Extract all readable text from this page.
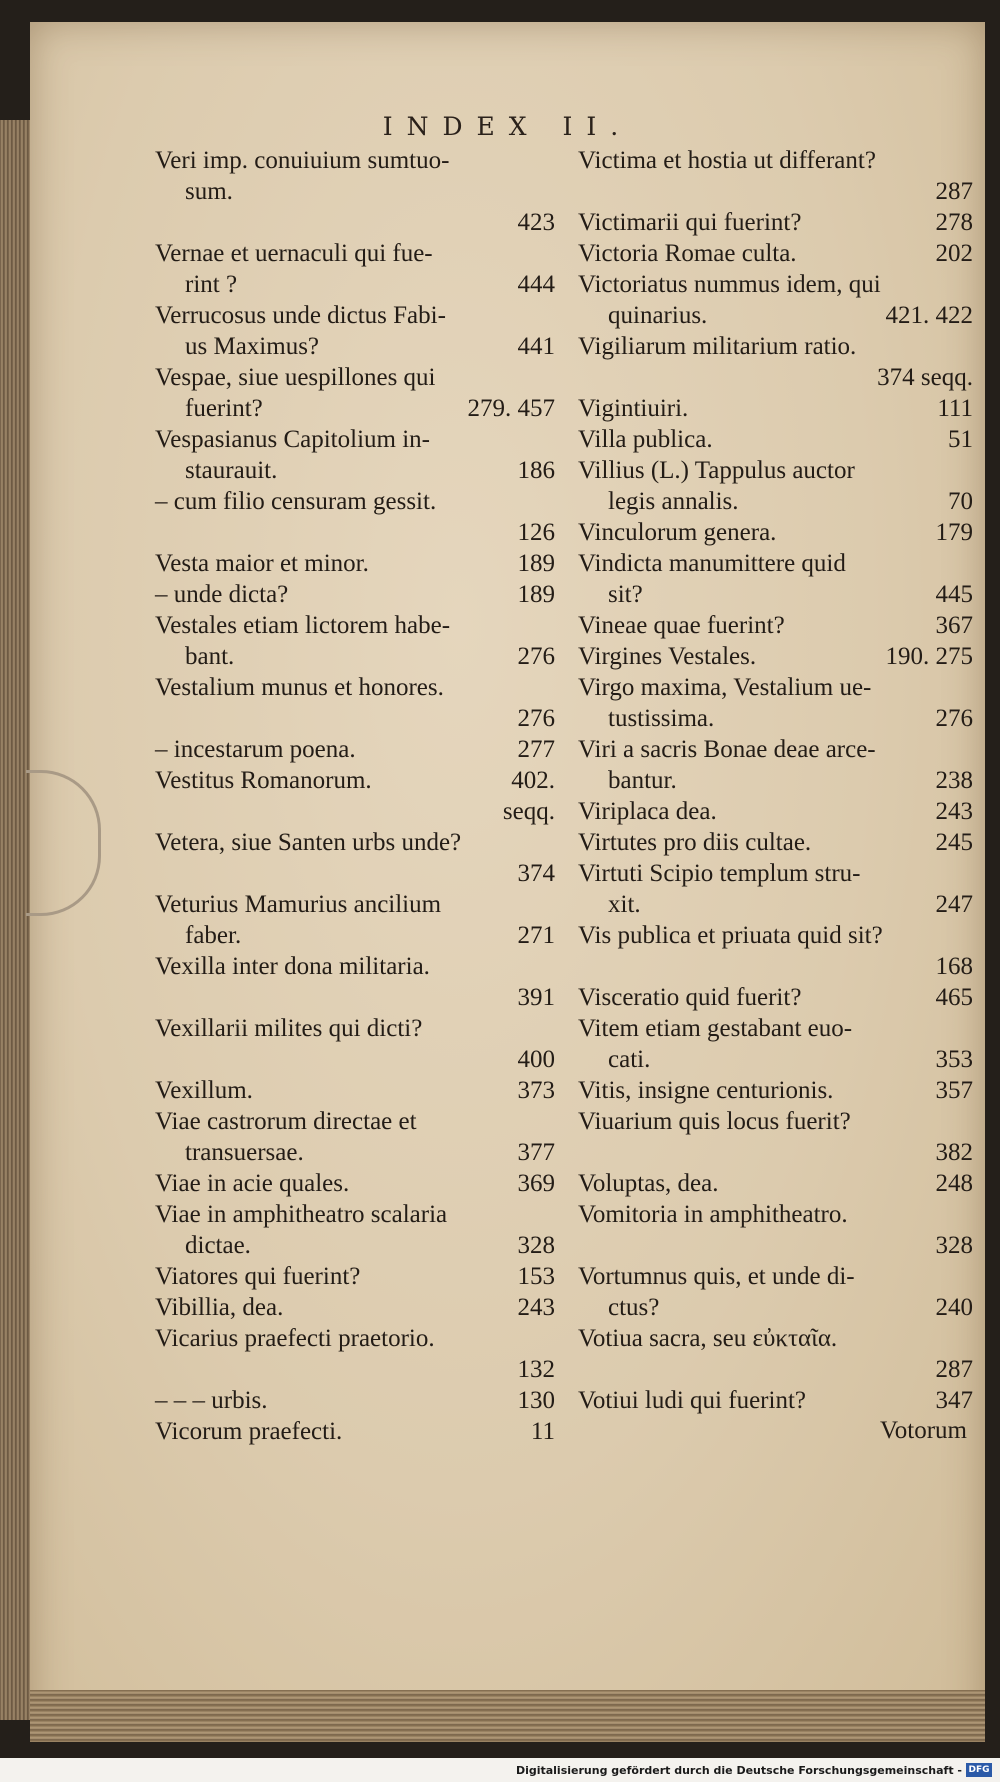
INDEX II.
Veri imp. conuiuium sumtuo-
sum.
423
Vernae et uernaculi qui fue-
rint ?	444
Verrucosus unde dictus Fabi-
us Maximus?	441
Vespae, siue uespillones qui
fuerint?	279. 457
Vespasianus Capitolium in-
staurauit.	186
– cum filio censuram gessit.
126
Vesta maior et minor.	189
– unde dicta?	189
Vestales etiam lictorem habe-
bant.	276
Vestalium munus et honores.
276
– incestarum poena.	277
Vestitus Romanorum.	402.
seqq.
Vetera, siue Santen urbs unde?
374
Veturius Mamurius ancilium
faber.	271
Vexilla inter dona militaria.
391
Vexillarii milites qui dicti?
400
Vexillum.	373
Viae castrorum directae et
transuersae.	377
Viae in acie quales.	369
Viae in amphitheatro scalaria
dictae.	328
Viatores qui fuerint?	153
Vibillia, dea.	243
Vicarius praefecti praetorio.
132
– – – urbis.	130
Vicorum praefecti.	11
Victima et hostia ut differant?
287
Victimarii qui fuerint?	278
Victoria Romae culta.	202
Victoriatus nummus idem, qui
quinarius.	421. 422
Vigiliarum militarium ratio.
374 seqq.
Vigintiuiri.	111
Villa publica.	51
Villius (L.) Tappulus auctor
legis annalis.	70
Vinculorum genera.	179
Vindicta manumittere quid
sit?	445
Vineae quae fuerint?	367
Virgines Vestales.	190. 275
Virgo maxima, Vestalium ue-
tustissima.	276
Viri a sacris Bonae deae arce-
bantur.	238
Viriplaca dea.	243
Virtutes pro diis cultae.	245
Virtuti Scipio templum stru-
xit.	247
Vis publica et priuata quid sit?
168
Visceratio quid fuerit?	465
Vitem etiam gestabant euo-
cati.	353
Vitis, insigne centurionis.	357
Viuarium quis locus fuerit?
382
Voluptas, dea.	248
Vomitoria in amphitheatro.
328
Vortumnus quis, et unde di-
ctus?	240
Votiua sacra, seu εὐκταῖα.
287
Votiui ludi qui fuerint?	347
Votorum
Digitalisierung gefördert durch die Deutsche Forschungsgemeinschaft - DFG
